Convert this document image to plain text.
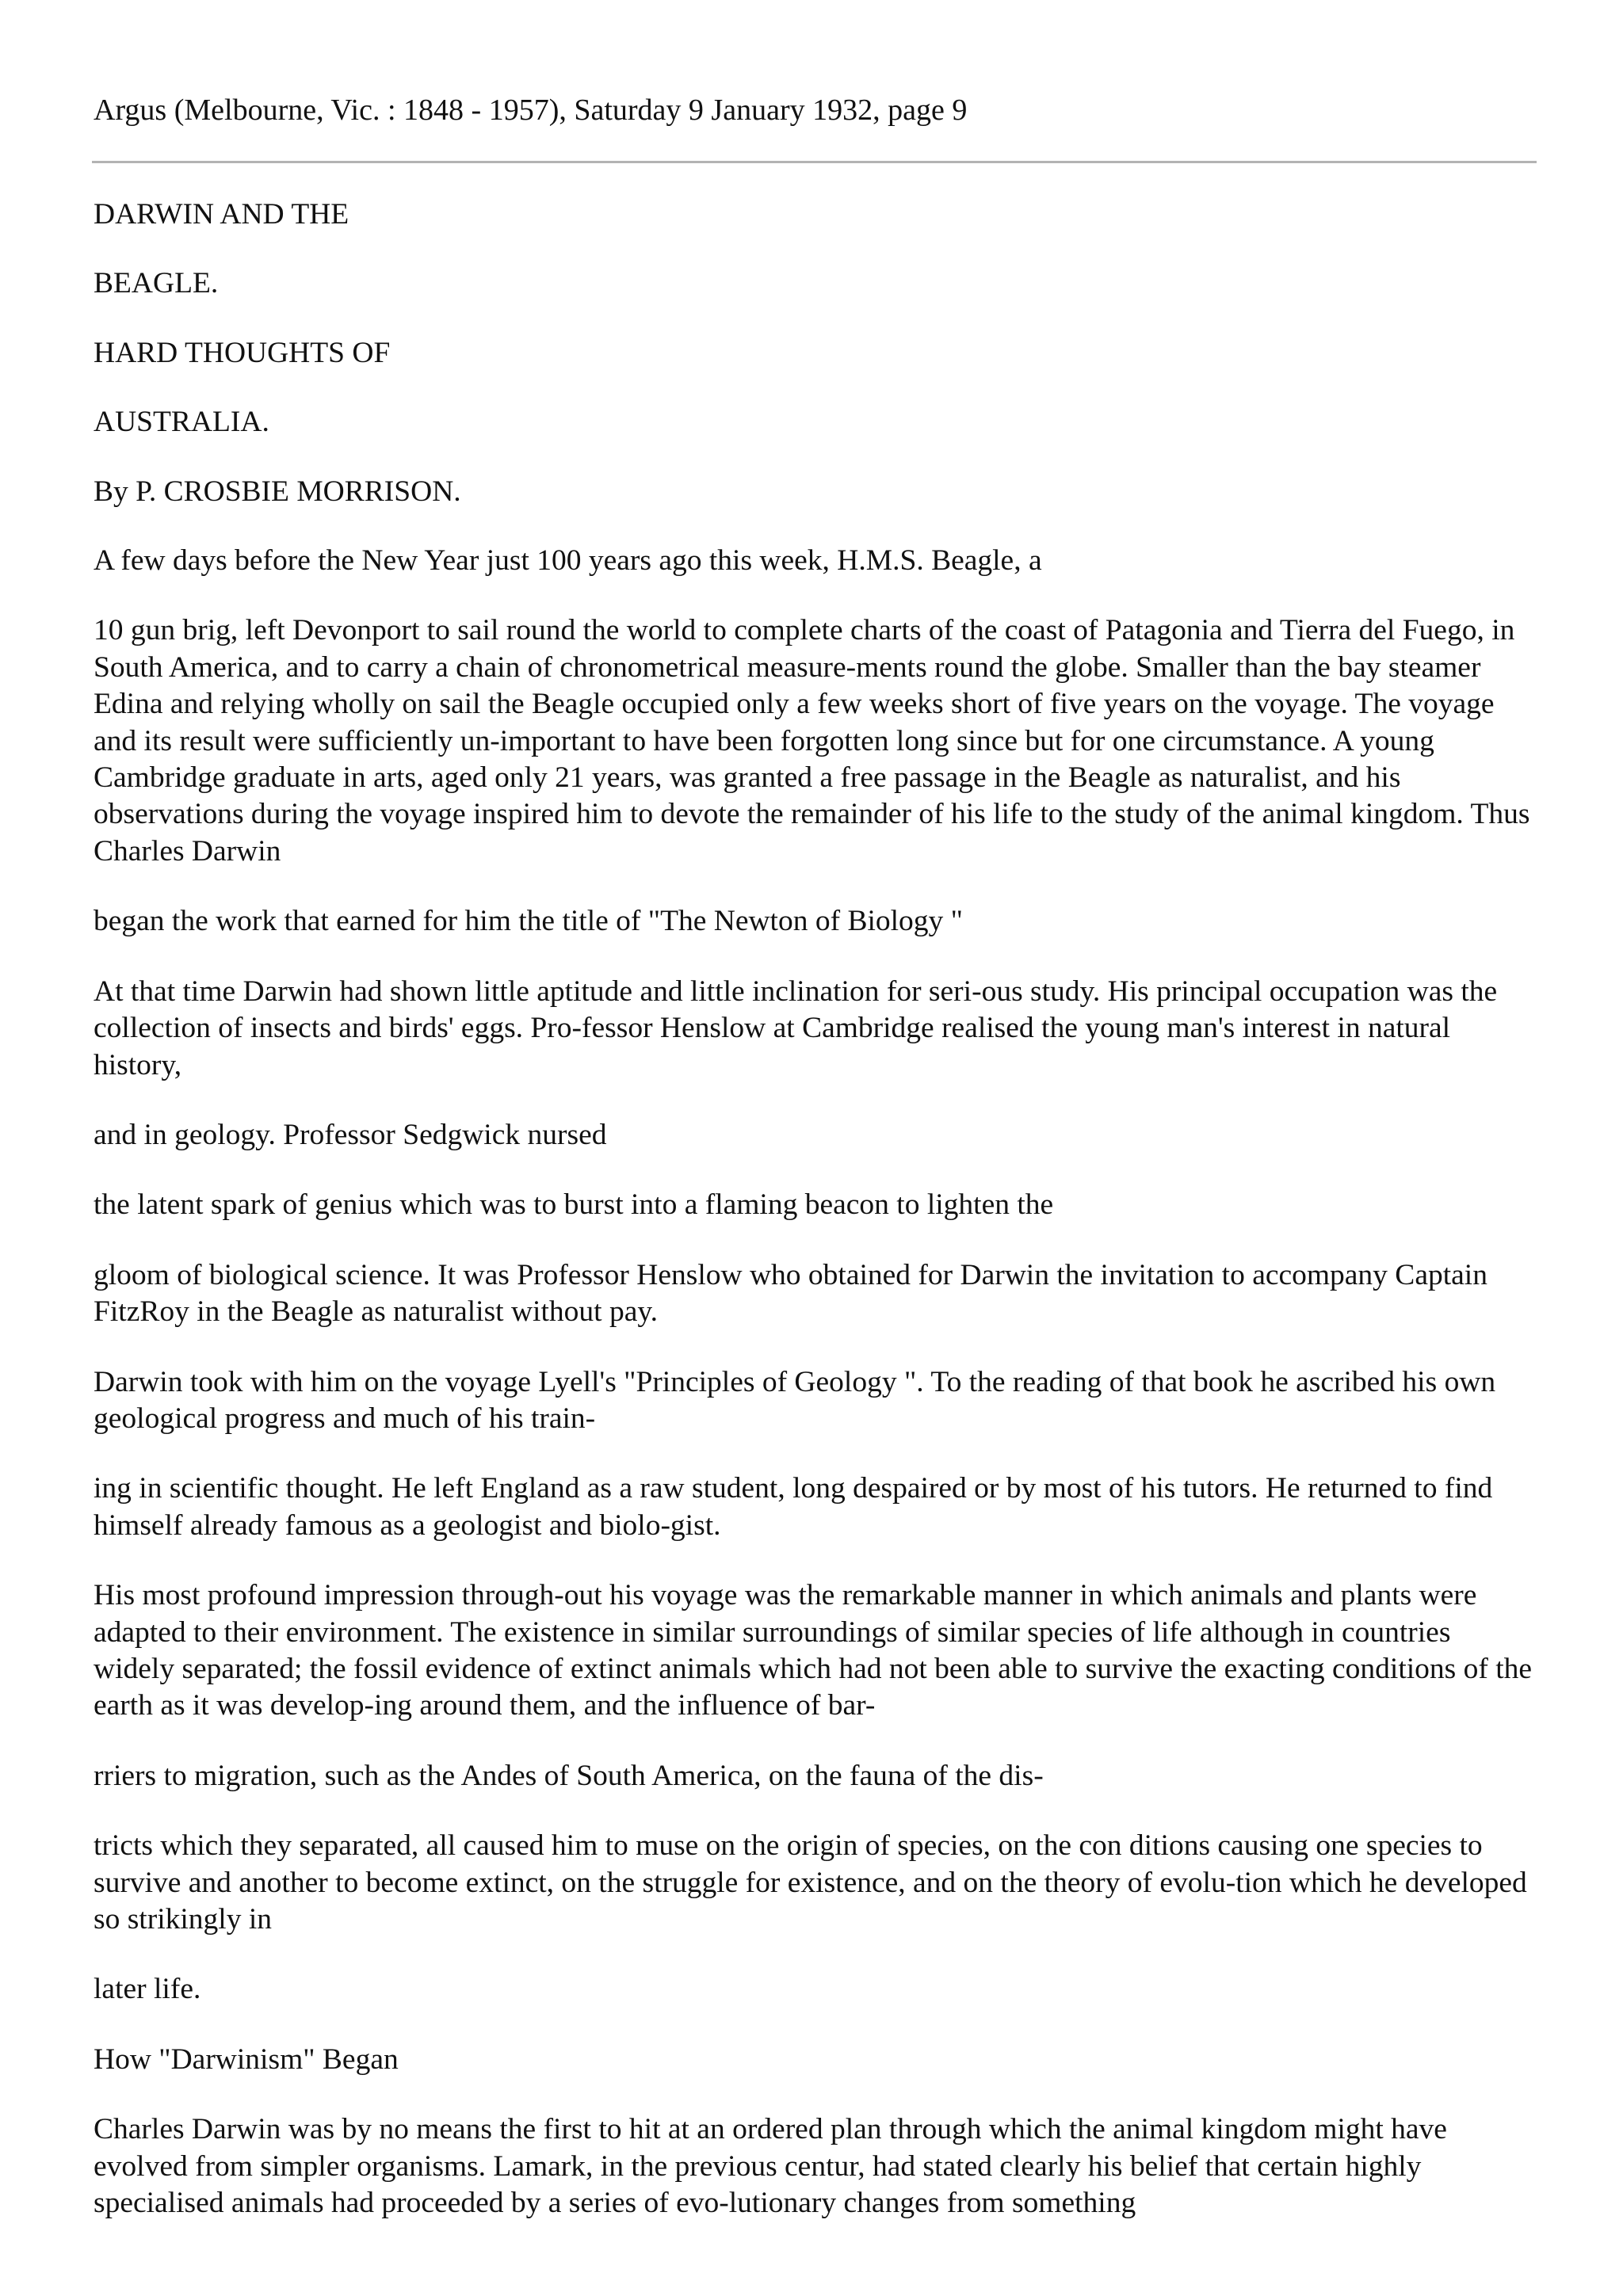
Argus (Melbourne, Vic. : 1848 - 1957), Saturday 9 January 1932, page 9

DARWIN AND THE

BEAGLE.

HARD THOUGHTS OF

AUSTRALIA.

By P. CROSBIE MORRISON.

A few days before the New Year just 100 years ago this week, H.M.S. Beagle, a

10 gun brig, left Devonport to sail round the world to complete charts of the coast of Patagonia and Tierra del Fuego, in South America, and to carry a chain of chronometrical measure-ments round the globe. Smaller than the bay steamer Edina and relying wholly on sail the Beagle occupied only a few weeks short of five years on the voyage. The voyage and its result were sufficiently un-important to have been forgotten long since but for one circumstance. A young Cambridge graduate in arts, aged only 21 years, was granted a free passage in the Beagle as naturalist, and his observations during the voyage inspired him to devote the remainder of his life to the study of the animal kingdom. Thus Charles Darwin

began the work that earned for him the title of "The Newton of Biology "

At that time Darwin had shown little aptitude and little inclination for seri-ous study. His principal occupation was the collection of insects and birds' eggs. Pro-fessor Henslow at Cambridge realised the young man's interest in natural history,

and in geology. Professor Sedgwick nursed

the latent spark of genius which was to burst into a flaming beacon to lighten the

gloom of biological science. It was Professor Henslow who obtained for Darwin the invitation to accompany Captain FitzRoy in the Beagle as naturalist without pay.

Darwin took with him on the voyage Lyell's "Principles of Geology ". To the reading of that book he ascribed his own geological progress and much of his train-

ing in scientific thought. He left England as a raw student, long despaired or by most of his tutors. He returned to find himself already famous as a geologist and biolo-gist.

His most profound impression through-out his voyage was the remarkable manner in which animals and plants were adapted to their environment. The existence in similar surroundings of similar species of life although in countries widely separated; the fossil evidence of extinct animals which had not been able to survive the exacting conditions of the earth as it was develop-ing around them, and the influence of bar-

rriers to migration, such as the Andes of South America, on the fauna of the dis-

tricts which they separated, all caused him to muse on the origin of species, on the con ditions causing one species to survive and another to become extinct, on the struggle for existence, and on the theory of evolu-tion which he developed so strikingly in

later life.

How "Darwinism" Began

Charles Darwin was by no means the first to hit at an ordered plan through which the animal kingdom might have evolved from simpler organisms. Lamark, in the previous centur, had stated clearly his belief that certain highly specialised animals had proceeded by a series of evo-lutionary changes from something
